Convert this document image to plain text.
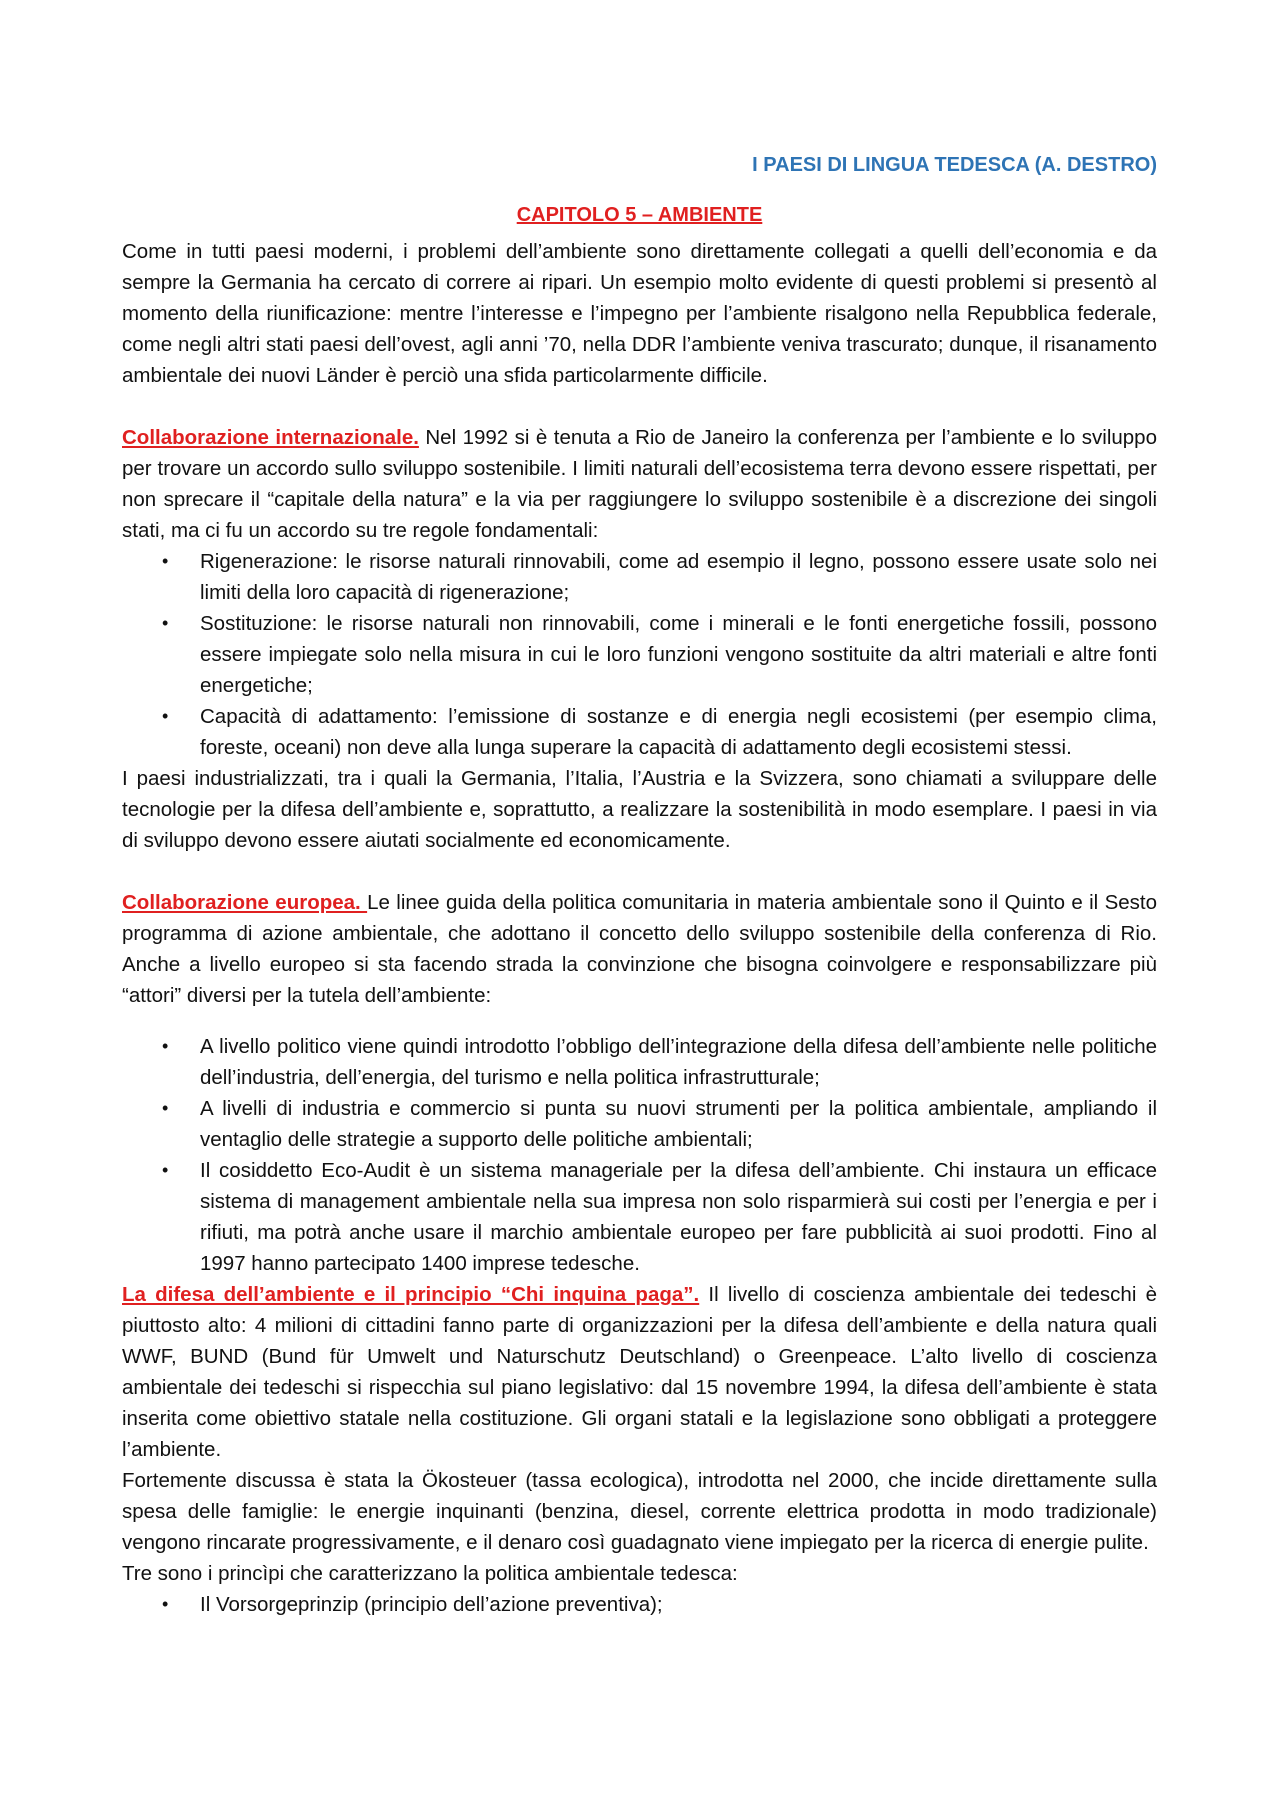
I PAESI DI LINGUA TEDESCA (A. DESTRO)
CAPITOLO 5 – AMBIENTE

Come in tutti paesi moderni, i problemi dell’ambiente sono direttamente collegati a quelli dell’economia e da sempre la Germania ha cercato di correre ai ripari. Un esempio molto evidente di questi problemi si presentò al momento della riunificazione: mentre l’interesse e l’impegno per l’ambiente risalgono nella Repubblica federale, come negli altri stati paesi dell’ovest, agli anni ’70, nella DDR l’ambiente veniva trascurato; dunque, il risanamento ambientale dei nuovi Länder è perciò una sfida particolarmente difficile.

Collaborazione internazionale. Nel 1992 si è tenuta a Rio de Janeiro la conferenza per l’ambiente e lo sviluppo per trovare un accordo sullo sviluppo sostenibile. I limiti naturali dell’ecosistema terra devono essere rispettati, per non sprecare il “capitale della natura” e la via per raggiungere lo sviluppo sostenibile è a discrezione dei singoli stati, ma ci fu un accordo su tre regole fondamentali:

• Rigenerazione: le risorse naturali rinnovabili, come ad esempio il legno, possono essere usate solo nei limiti della loro capacità di rigenerazione;
• Sostituzione: le risorse naturali non rinnovabili, come i minerali e le fonti energetiche fossili, possono essere impiegate solo nella misura in cui le loro funzioni vengono sostituite da altri materiali e altre fonti energetiche;
• Capacità di adattamento: l’emissione di sostanze e di energia negli ecosistemi (per esempio clima, foreste, oceani) non deve alla lunga superare la capacità di adattamento degli ecosistemi stessi.

I paesi industrializzati, tra i quali la Germania, l’Italia, l’Austria e la Svizzera, sono chiamati a sviluppare delle tecnologie per la difesa dell’ambiente e, soprattutto, a realizzare la sostenibilità in modo esemplare. I paesi in via di sviluppo devono essere aiutati socialmente ed economicamente.

Collaborazione europea. Le linee guida della politica comunitaria in materia ambientale sono il Quinto e il Sesto programma di azione ambientale, che adottano il concetto dello sviluppo sostenibile della conferenza di Rio. Anche a livello europeo si sta facendo strada la convinzione che bisogna coinvolgere e responsabilizzare più “attori” diversi per la tutela dell’ambiente:

• A livello politico viene quindi introdotto l’obbligo dell’integrazione della difesa dell’ambiente nelle politiche dell’industria, dell’energia, del turismo e nella politica infrastrutturale;
• A livelli di industria e commercio si punta su nuovi strumenti per la politica ambientale, ampliando il ventaglio delle strategie a supporto delle politiche ambientali;
• Il cosiddetto Eco-Audit è un sistema manageriale per la difesa dell’ambiente. Chi instaura un efficace sistema di management ambientale nella sua impresa non solo risparmierà sui costi per l’energia e per i rifiuti, ma potrà anche usare il marchio ambientale europeo per fare pubblicità ai suoi prodotti. Fino al 1997 hanno partecipato 1400 imprese tedesche.

La difesa dell’ambiente e il principio “Chi inquina paga”. Il livello di coscienza ambientale dei tedeschi è piuttosto alto: 4 milioni di cittadini fanno parte di organizzazioni per la difesa dell’ambiente e della natura quali WWF, BUND (Bund für Umwelt und Naturschutz Deutschland) o Greenpeace. L’alto livello di coscienza ambientale dei tedeschi si rispecchia sul piano legislativo: dal 15 novembre 1994, la difesa dell’ambiente è stata inserita come obiettivo statale nella costituzione. Gli organi statali e la legislazione sono obbligati a proteggere l’ambiente.

Fortemente discussa è stata la Ökosteuer (tassa ecologica), introdotta nel 2000, che incide direttamente sulla spesa delle famiglie: le energie inquinanti (benzina, diesel, corrente elettrica prodotta in modo tradizionale) vengono rincarate progressivamente, e il denaro così guadagnato viene impiegato per la ricerca di energie pulite.

Tre sono i princìpi che caratterizzano la politica ambientale tedesca:

• Il Vorsorgeprinzip (principio dell’azione preventiva);
